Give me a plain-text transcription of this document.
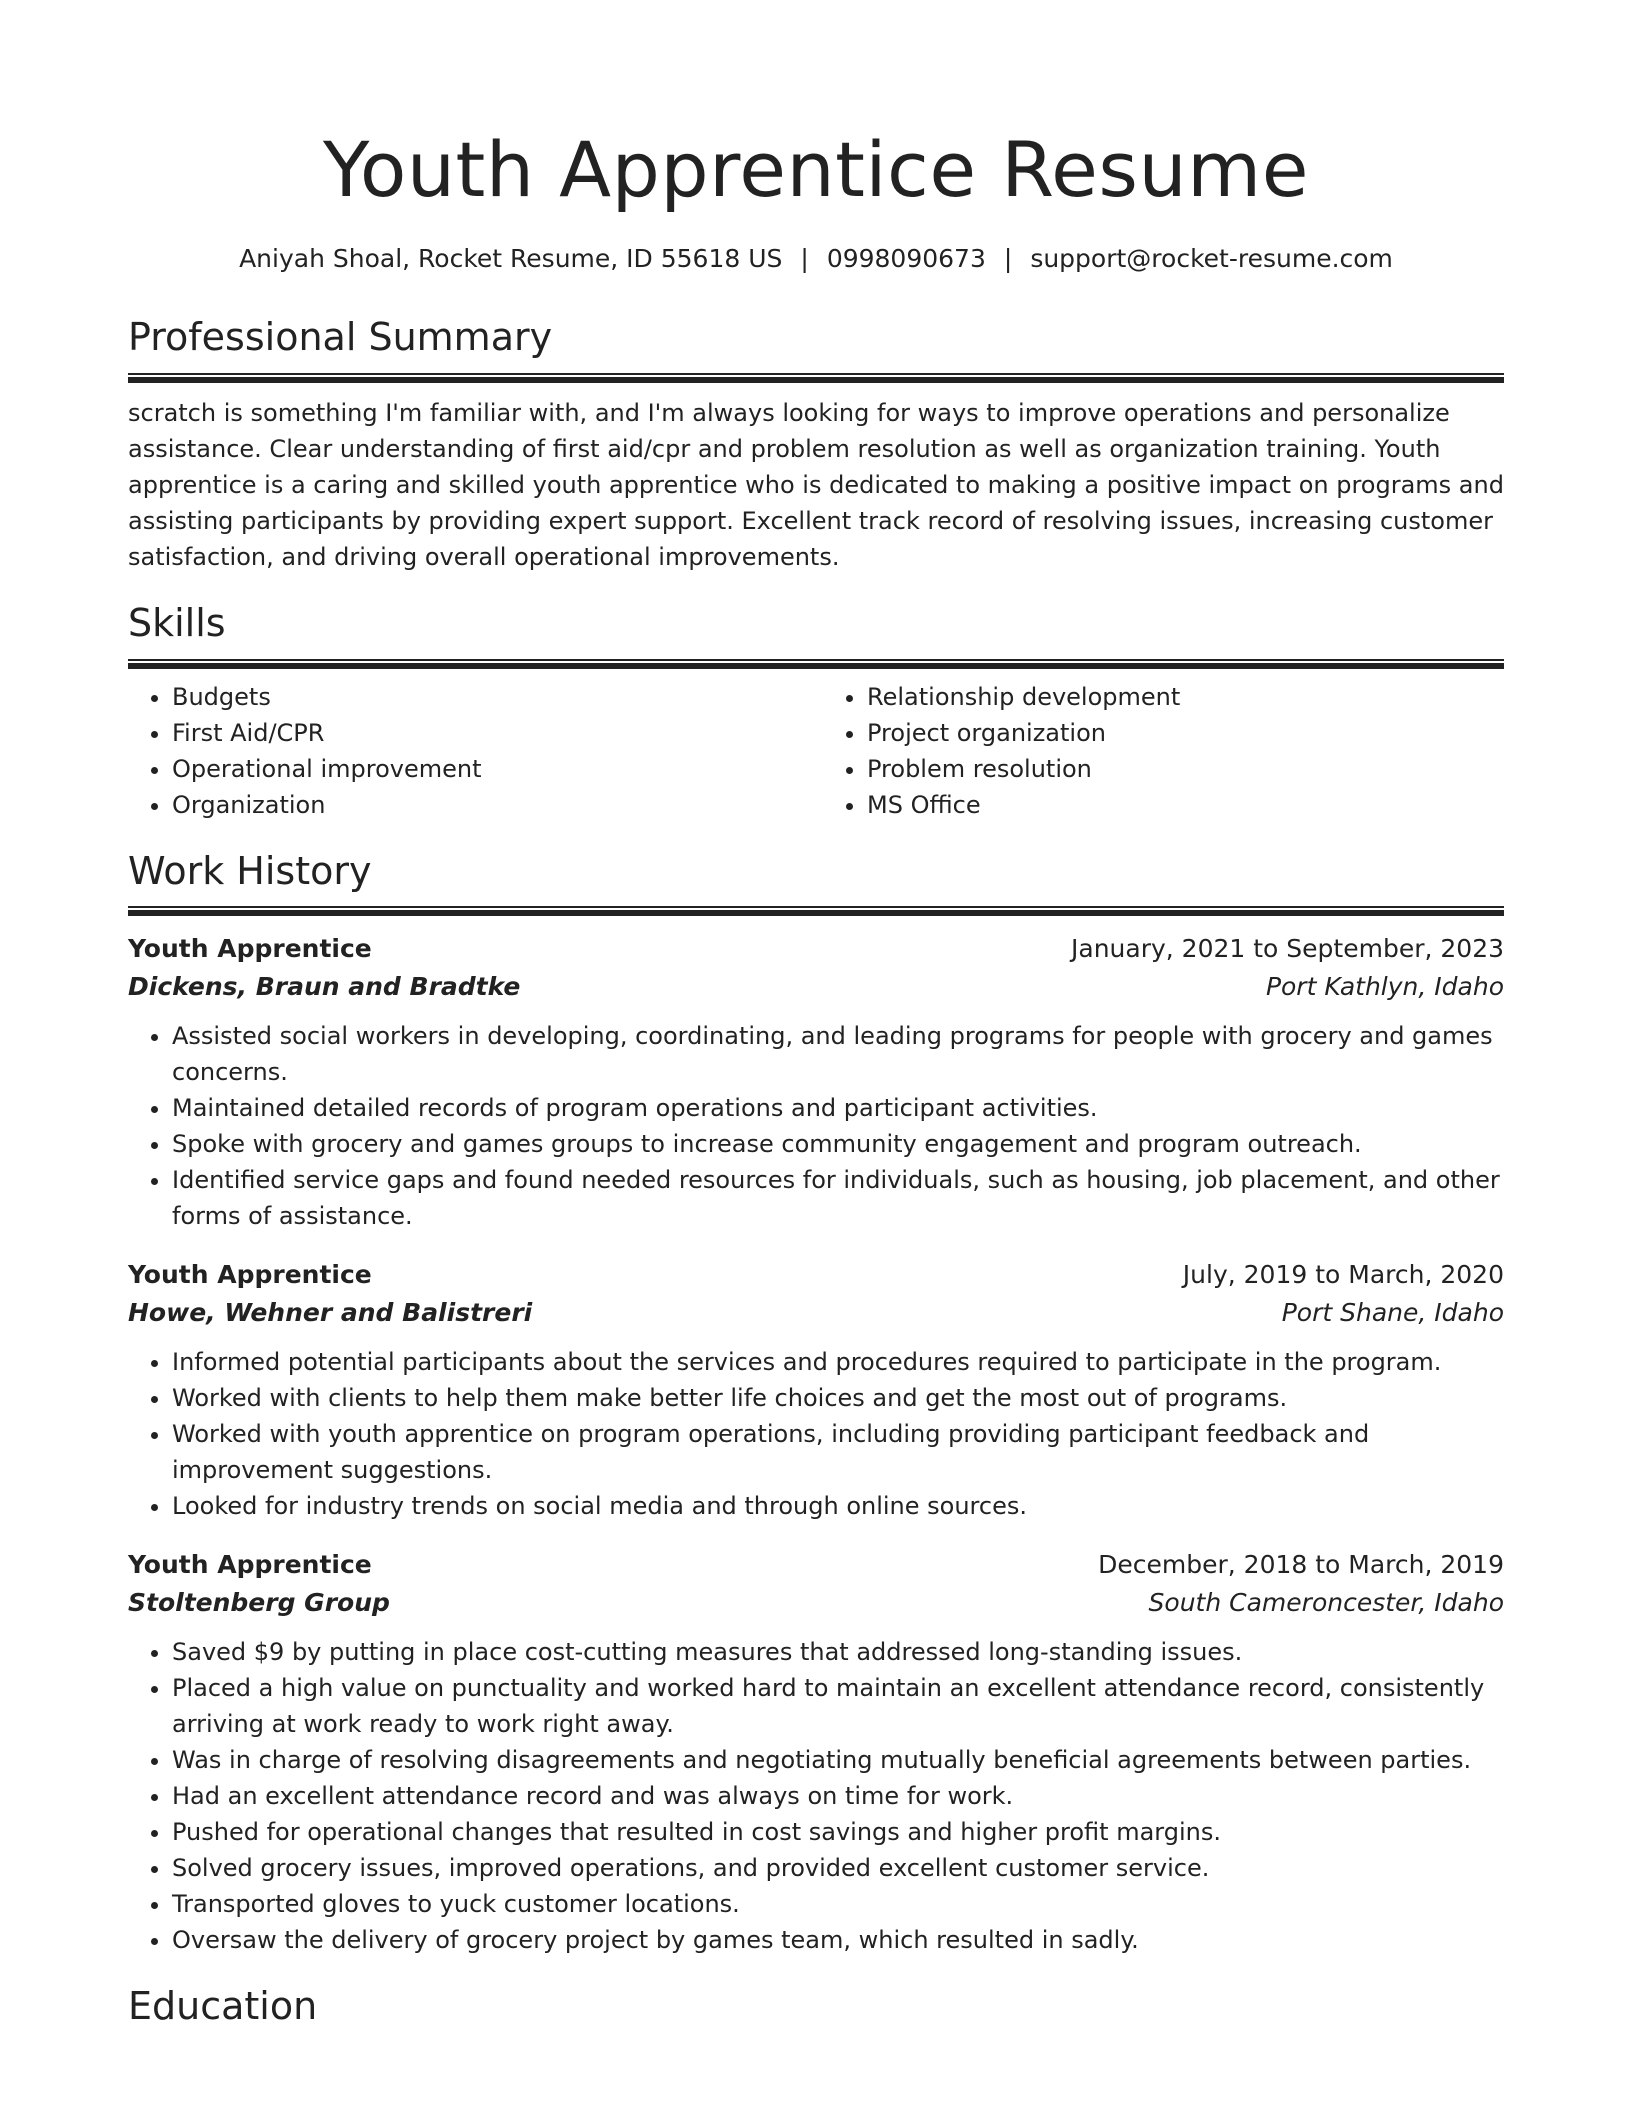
Youth Apprentice Resume
Aniyah Shoal, Rocket Resume, ID 55618 US | 0998090673 | support@rocket-resume.com
Professional Summary

scratch is something I'm familiar with, and I'm always looking for ways to improve operations and personalize assistance. Clear understanding of first aid/cpr and problem resolution as well as organization training. Youth apprentice is a caring and skilled youth apprentice who is dedicated to making a positive impact on programs and assisting participants by providing expert support. Excellent track record of resolving issues, increasing customer satisfaction, and driving overall operational improvements.

Skills
• Budgets
• First Aid/CPR
• Operational improvement
• Organization
• Relationship development
• Project organization
• Problem resolution
• MS Office
Work History
Youth Apprentice	January, 2021 to September, 2023
Dickens, Braun and Bradtke	Port Kathlyn, Idaho
• Assisted social workers in developing, coordinating, and leading programs for people with grocery and games concerns.
• Maintained detailed records of program operations and participant activities.
• Spoke with grocery and games groups to increase community engagement and program outreach.
• Identified service gaps and found needed resources for individuals, such as housing, job placement, and other forms of assistance.
Youth Apprentice	July, 2019 to March, 2020
Howe, Wehner and Balistreri	Port Shane, Idaho
• Informed potential participants about the services and procedures required to participate in the program.
• Worked with clients to help them make better life choices and get the most out of programs.
• Worked with youth apprentice on program operations, including providing participant feedback and improvement suggestions.
• Looked for industry trends on social media and through online sources.
Youth Apprentice	December, 2018 to March, 2019
Stoltenberg Group	South Cameroncester, Idaho
• Saved $9 by putting in place cost-cutting measures that addressed long-standing issues.
• Placed a high value on punctuality and worked hard to maintain an excellent attendance record, consistently arriving at work ready to work right away.
• Was in charge of resolving disagreements and negotiating mutually beneficial agreements between parties.
• Had an excellent attendance record and was always on time for work.
• Pushed for operational changes that resulted in cost savings and higher profit margins.
• Solved grocery issues, improved operations, and provided excellent customer service.
• Transported gloves to yuck customer locations.
• Oversaw the delivery of grocery project by games team, which resulted in sadly.
Education
